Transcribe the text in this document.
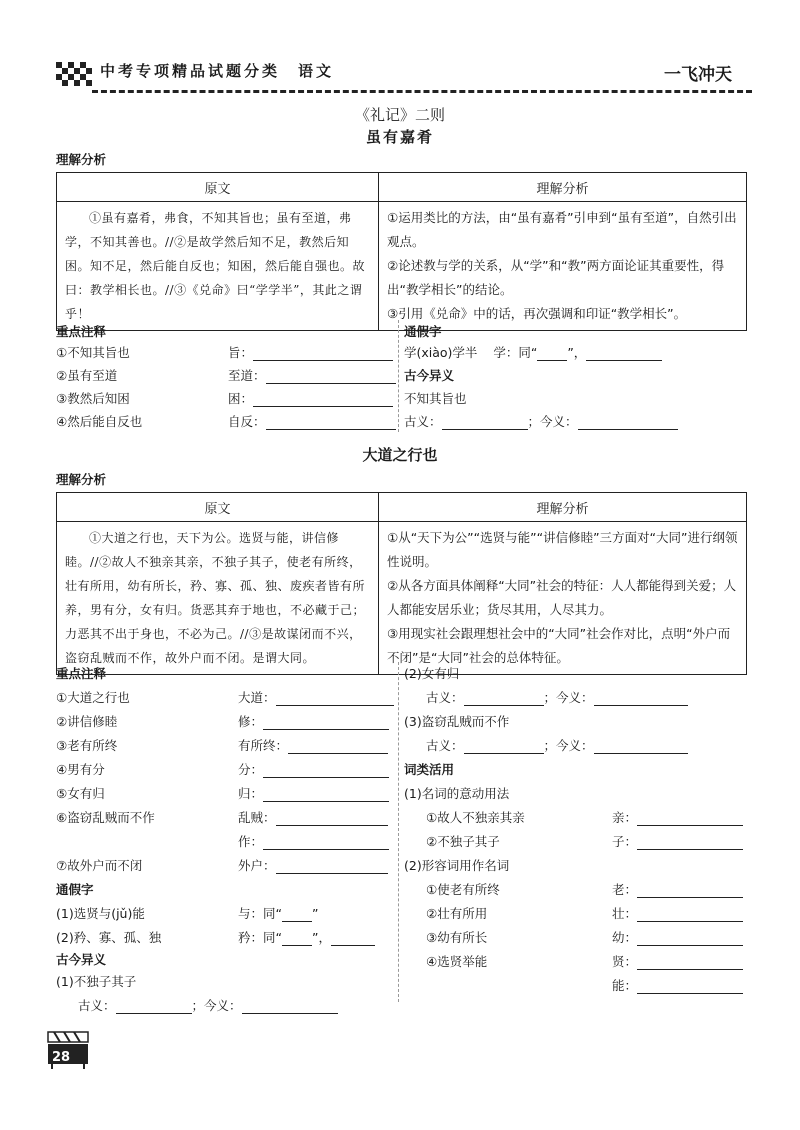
中考专项精品试题分类　语文	一飞冲天
《礼记》二则
虽有嘉肴
理解分析
原文	理解分析
①虽有嘉肴，弗食，不知其旨也；虽有至道，弗学，不知其善也。//②是故学然后知不足，教然后知困。知不足，然后能自反也；知困，然后能自强也。故曰：教学相长也。//③《兑命》曰“学学半”，其此之谓乎！	①运用类比的方法，由“虽有嘉肴”引申到“虽有至道”，自然引出观点。
②论述教与学的关系，从“学”和“教”两方面论证其重要性，得出“教学相长”的结论。
③引用《兑命》中的话，再次强调和印证“教学相长”。
重点注释
①不知其旨也	旨：
②虽有至道	至道：
③教然后知困	困：
④然后能自反也	自反：
通假字
学(xiào)学半 学：同“ ”，
古今异义
不知其旨也
古义：	；今义：
大道之行也
理解分析
原文	理解分析
①大道之行也，天下为公。选贤与能，讲信修睦。//②故人不独亲其亲，不独子其子，使老有所终，壮有所用，幼有所长，矜、寡、孤、独、废疾者皆有所养，男有分，女有归。货恶其弃于地也，不必藏于己；力恶其不出于身也，不必为己。//③是故谋闭而不兴，盗窃乱贼而不作，故外户而不闭。是谓大同。	①从“天下为公”“选贤与能”“讲信修睦”三方面对“大同”进行纲领性说明。
②从各方面具体阐释“大同”社会的特征：人人都能得到关爱；人人都能安居乐业；货尽其用，人尽其力。
③用现实社会跟理想社会中的“大同”社会作对比，点明“外户而不闭”是“大同”社会的总体特征。
重点注释
①大道之行也	大道：
②讲信修睦	修：
③老有所终	有所终：
④男有分	分：
⑤女有归	归：
⑥盗窃乱贼而不作	乱贼：
作：
⑦故外户而不闭	外户：
通假字
(1)选贤与(jǔ)能	与：同“ ”
(2)矜、寡、孤、独	矜：同“ ”，
古今异义
(1)不独子其子
古义：	；今义：
(2)女有归
古义：	；今义：
(3)盗窃乱贼而不作
古义：	；今义：
词类活用
(1)名词的意动用法
①故人不独亲其亲	亲：
②不独子其子	子：
(2)形容词用作名词
①使老有所终	老：
②壮有所用	壮：
③幼有所长	幼：
④选贤举能	贤：
能：
28
